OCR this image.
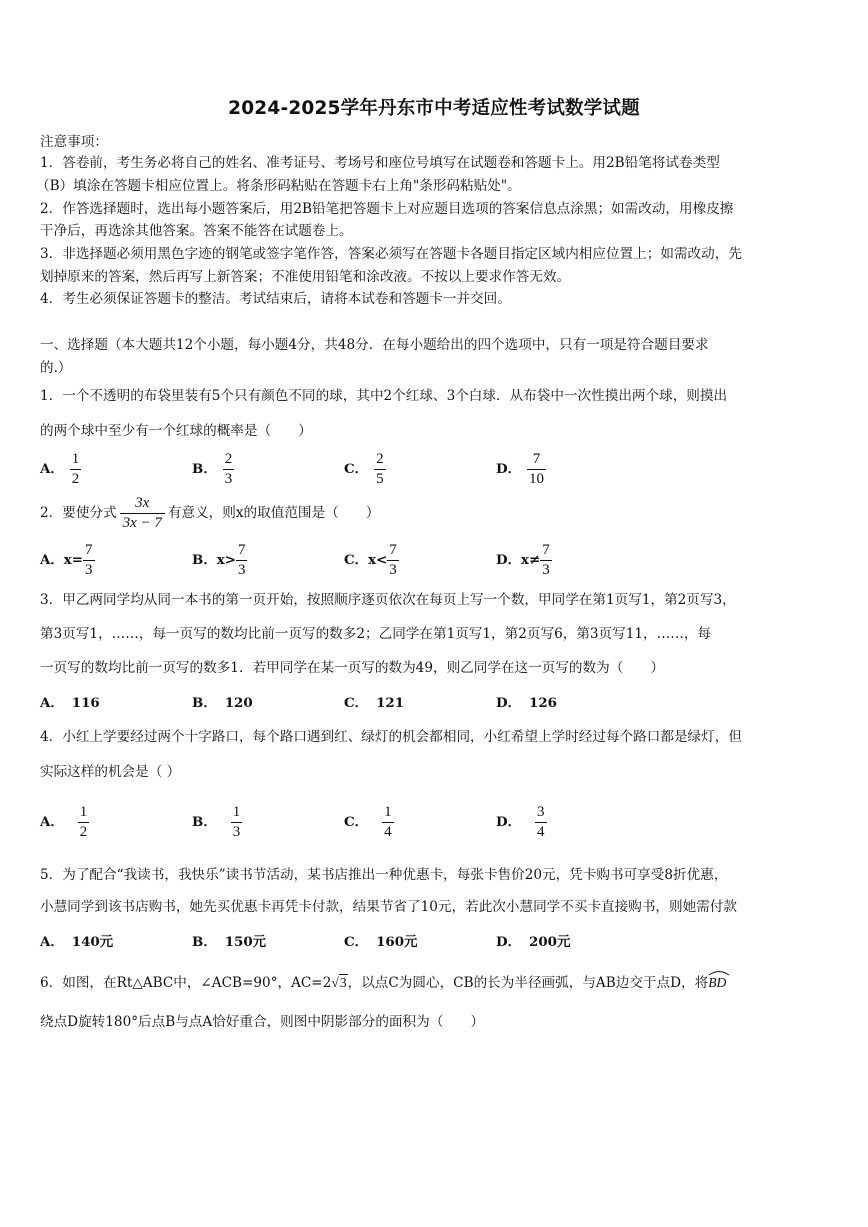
2024-2025学年丹东市中考适应性考试数学试题
注意事项：
1．答卷前，考生务必将自己的姓名、准考证号、考场号和座位号填写在试题卷和答题卡上。用2B铅笔将试卷类型
（B）填涂在答题卡相应位置上。将条形码粘贴在答题卡右上角"条形码粘贴处"。
2．作答选择题时，选出每小题答案后，用2B铅笔把答题卡上对应题目选项的答案信息点涂黑；如需改动，用橡皮擦
干净后，再选涂其他答案。答案不能答在试题卷上。
3．非选择题必须用黑色字迹的钢笔或签字笔作答，答案必须写在答题卡各题目指定区域内相应位置上；如需改动，先
划掉原来的答案，然后再写上新答案；不准使用铅笔和涂改液。不按以上要求作答无效。
4．考生必须保证答题卡的整洁。考试结束后，请将本试卷和答题卡一并交回。
一、选择题（本大题共12个小题，每小题4分，共48分．在每小题给出的四个选项中，只有一项是符合题目要求
的.）
1．一个不透明的布袋里装有5个只有颜色不同的球，其中2个红球、3个白球．从布袋中一次性摸出两个球，则摸出
的两个球中至少有一个红球的概率是（　　）
A． $\frac{1}{2}$	B． $\frac{2}{3}$	C． $\frac{2}{5}$	D． $\frac{7}{10}$
2．要使分式 $\frac{3x}{3x - 7}$ 有意义，则x的取值范围是（　　）
A．$x= \frac{7}{3}$	B．$x> \frac{7}{3}$	C．$x< \frac{7}{3}$	D．$x\ne \frac{7}{3}$
3．甲乙两同学均从同一本书的第一页开始，按照顺序逐页依次在每页上写一个数，甲同学在第1页写1，第2页写3，
第3页写1，……，每一页写的数均比前一页写的数多2；乙同学在第1页写1，第2页写6，第3页写11，……，每
一页写的数均比前一页写的数多1．若甲同学在某一页写的数为49，则乙同学在这一页写的数为（　　）
A． 116	B． 120	C． 121	D． 126
4．小红上学要经过两个十字路口，每个路口遇到红、绿灯的机会都相同，小红希望上学时经过每个路口都是绿灯，但
实际这样的机会是（ ）
A． $\frac{1}{2}$	B． $\frac{1}{3}$	C． $\frac{1}{4}$	D． $\frac{3}{4}$
5．为了配合“我读书，我快乐”读书节活动，某书店推出一种优惠卡，每张卡售价20元，凭卡购书可享受8折优惠，
小慧同学到该书店购书，她先买优惠卡再凭卡付款，结果节省了10元，若此次小慧同学不买卡直接购书，则她需付款
A． 140元	B． 150元	C． 160元	D． 200元
6．如图，在Rt△ABC中，∠ACB=90°，AC=2√3，以点C为圆心，CB的长为半径画弧，与AB边交于点D，将
BD
绕点D旋转180°后点B与点A恰好重合，则图中阴影部分的面积为（　　）
